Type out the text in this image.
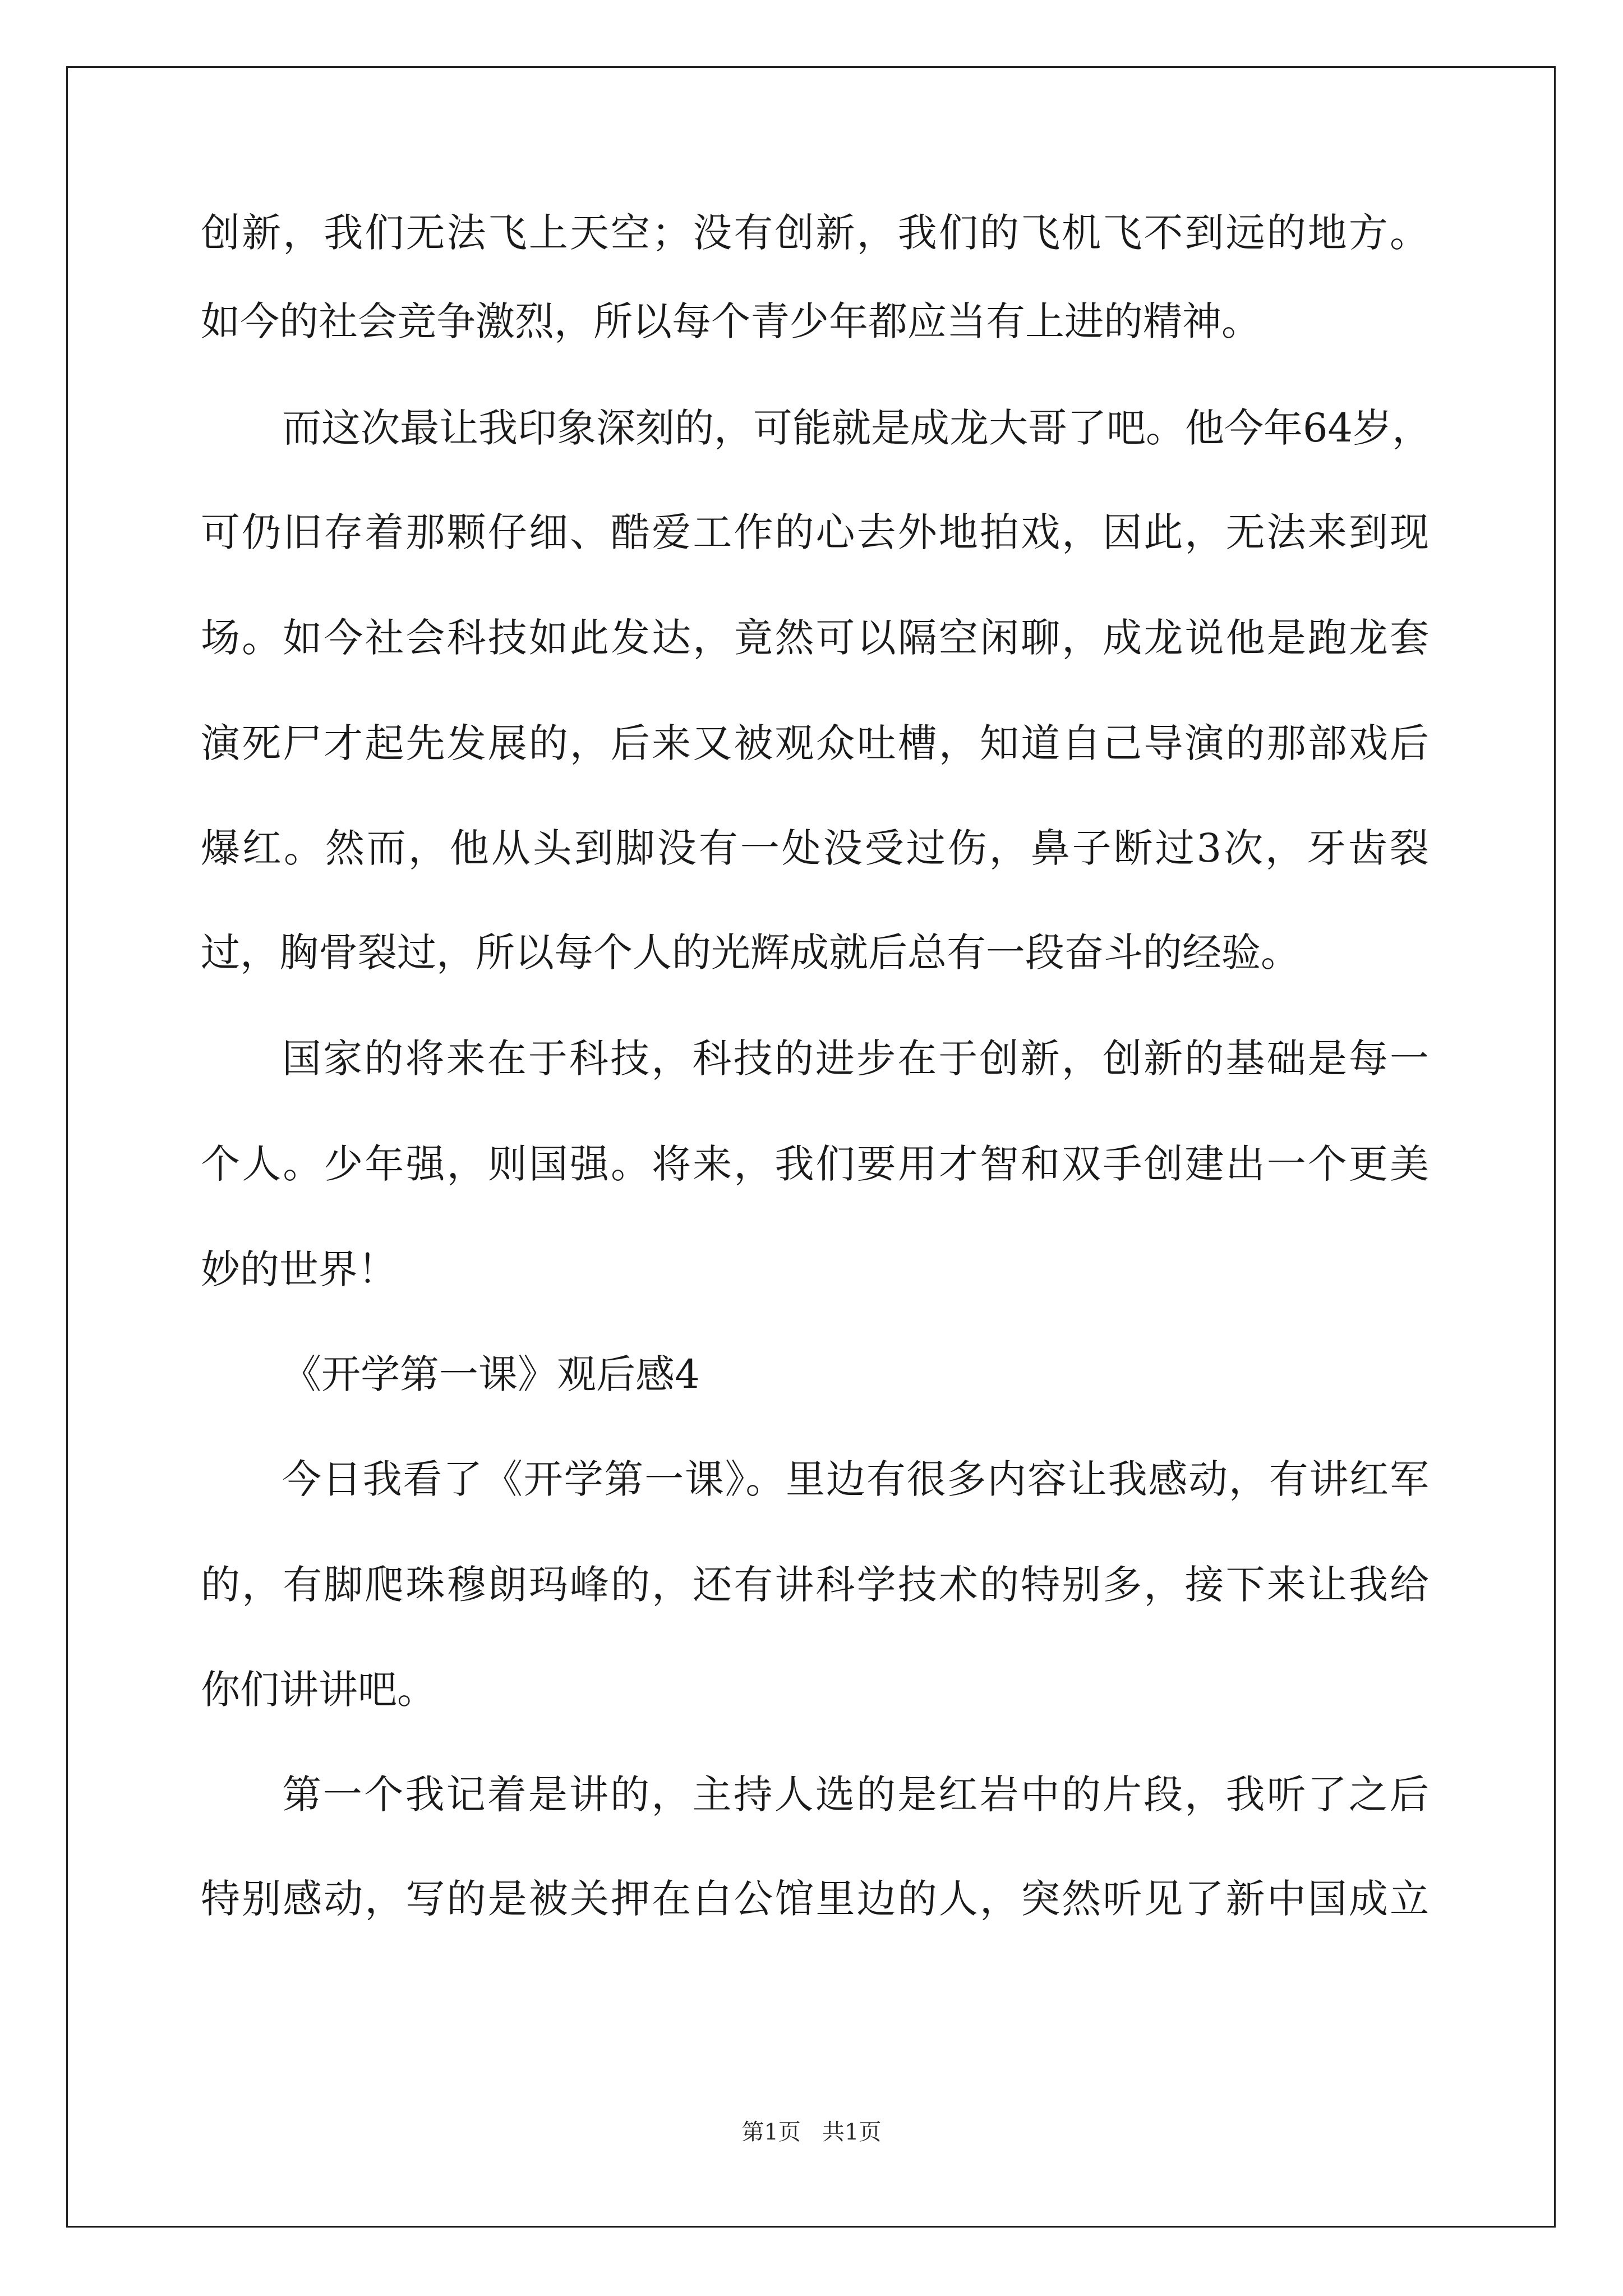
创新，我们无法飞上天空；没有创新，我们的飞机飞不到远的地方。
如今的社会竞争激烈，所以每个青少年都应当有上进的精神。
而这次最让我印象深刻的，可能就是成龙大哥了吧。他今年64岁，
可仍旧存着那颗仔细、酷爱工作的心去外地拍戏，因此，无法来到现
场。如今社会科技如此发达，竟然可以隔空闲聊，成龙说他是跑龙套
演死尸才起先发展的，后来又被观众吐槽，知道自己导演的那部戏后
爆红。然而，他从头到脚没有一处没受过伤，鼻子断过3次，牙齿裂
过，胸骨裂过，所以每个人的光辉成就后总有一段奋斗的经验。
国家的将来在于科技，科技的进步在于创新，创新的基础是每一
个人。少年强，则国强。将来，我们要用才智和双手创建出一个更美
妙的世界！
《开学第一课》观后感4
今日我看了《开学第一课》。里边有很多内容让我感动，有讲红军
的，有脚爬珠穆朗玛峰的，还有讲科学技术的特别多，接下来让我给
你们讲讲吧。
第一个我记着是讲的，主持人选的是红岩中的片段，我听了之后
特别感动，写的是被关押在白公馆里边的人，突然听见了新中国成立
第1页   共1页
